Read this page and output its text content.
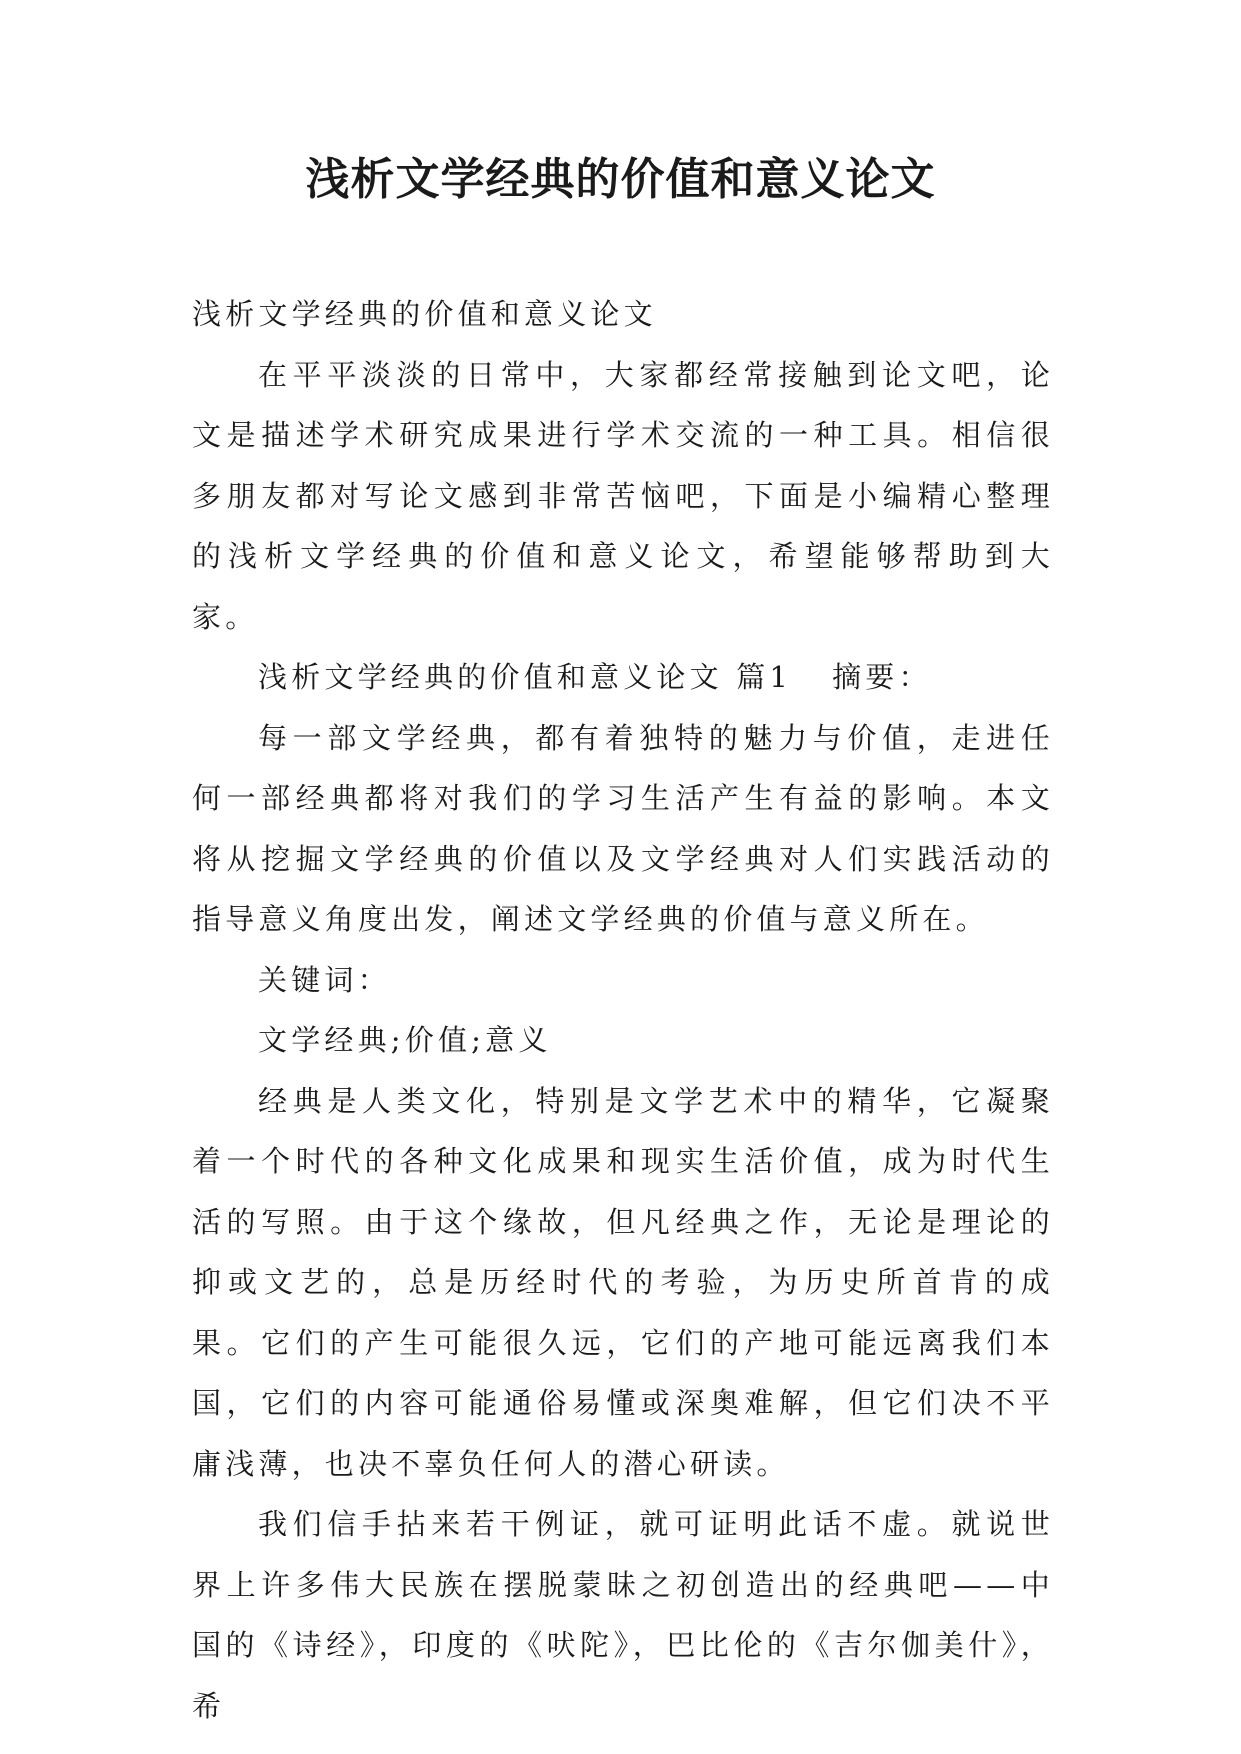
浅析文学经典的价值和意义论文

浅析文学经典的价值和意义论文

在平平淡淡的日常中，大家都经常接触到论文吧，论文是描述学术研究成果进行学术交流的一种工具。相信很多朋友都对写论文感到非常苦恼吧，下面是小编精心整理的浅析文学经典的价值和意义论文，希望能够帮助到大家。

浅析文学经典的价值和意义论文 篇1 摘要：

每一部文学经典，都有着独特的魅力与价值，走进任何一部经典都将对我们的学习生活产生有益的影响。本文将从挖掘文学经典的价值以及文学经典对人们实践活动的指导意义角度出发，阐述文学经典的价值与意义所在。

关键词：

文学经典;价值;意义

经典是人类文化，特别是文学艺术中的精华，它凝聚着一个时代的各种文化成果和现实生活价值，成为时代生活的写照。由于这个缘故，但凡经典之作，无论是理论的抑或文艺的，总是历经时代的考验，为历史所首肯的成果。它们的产生可能很久远，它们的产地可能远离我们本国，它们的内容可能通俗易懂或深奥难解，但它们决不平庸浅薄，也决不辜负任何人的潜心研读。

我们信手拈来若干例证，就可证明此话不虚。就说世界上许多伟大民族在摆脱蒙昧之初创造出的经典吧——中国的《诗经》，印度的《吠陀》，巴比伦的《吉尔伽美什》，希
